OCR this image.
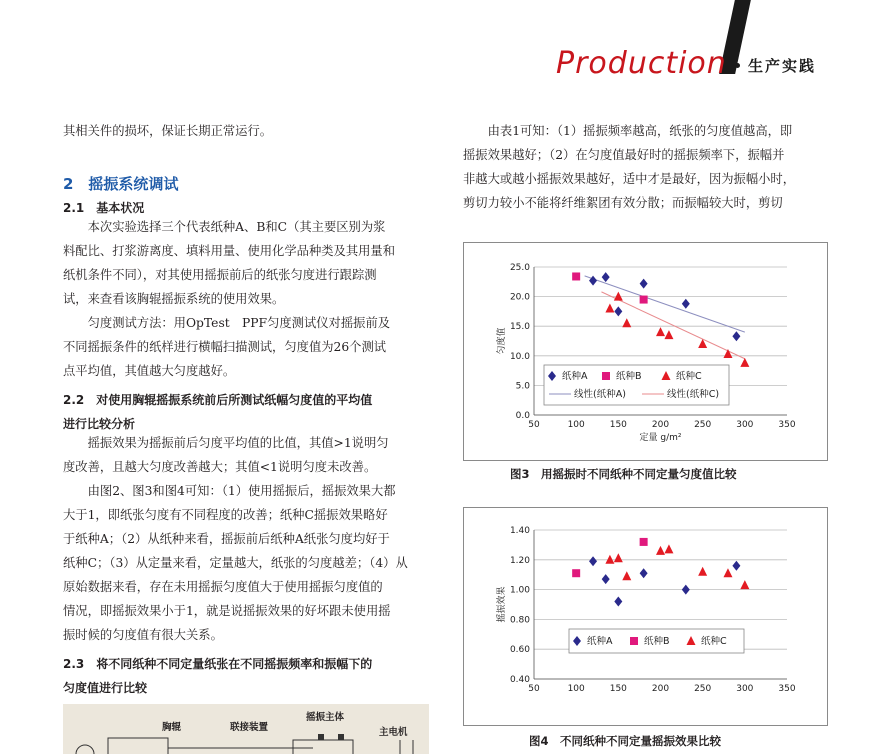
Production 生产实践
其相关件的损坏，保证长期正常运行。
2　摇振系统调试
2.1　基本状况
　　本次实验选择三个代表纸种A、B和C（其主要区别为浆
料配比、打浆游离度、填料用量、使用化学品种类及其用量和
纸机条件不同），对其使用摇振前后的纸张匀度进行跟踪测
试，来查看该胸辊摇振系统的使用效果。
　　匀度测试方法：用OpTest　PPF匀度测试仪对摇振前及
不同摇振条件的纸样进行横幅扫描测试，匀度值为26个测试
点平均值，其值越大匀度越好。
2.2　对使用胸辊摇振系统前后所测试纸幅匀度值的平均值
进行比较分析
　　摇振效果为摇振前后匀度平均值的比值，其值>1说明匀
度改善，且越大匀度改善越大；其值<1说明匀度未改善。
　　由图2、图3和图4可知：（1）使用摇振后，摇振效果大都
大于1，即纸张匀度有不同程度的改善；纸种C摇振效果略好
于纸种A；（2）从纸种来看，摇振前后纸种A纸张匀度均好于
纸种C；（3）从定量来看，定量越大，纸张的匀度越差；（4）从
原始数据来看，存在未用摇振匀度值大于使用摇振匀度值的
情况，即摇振效果小于1，就是说摇振效果的好坏跟未使用摇
振时候的匀度值有很大关系。
2.3　将不同纸种不同定量纸张在不同摇振频率和振幅下的
匀度值进行比较
胸辊	联接装置
摇振主体
主电机
　　由表1可知：（1）摇振频率越高，纸张的匀度值越高，即
摇振效果越好；（2）在匀度值最好时的摇振频率下，振幅并
非越大或越小摇振效果越好，适中才是最好，因为振幅小时，
剪切力较小不能将纤维絮团有效分散；而振幅较大时，剪切
0.0
5.0
10.0
15.0
20.0
25.0
50	100	150	200	250	300	350
匀度值
定量 g/m²
纸种A	纸种B	纸种C
线性(纸种A)	线性(纸种C)
图3　用摇振时不同纸种不同定量匀度值比较
0.40
0.60
0.80
1.00
1.20
1.40
50	100	150	200	250	300	350
摇振效果
纸种A	纸种B	纸种C
图4　不同纸种不同定量摇振效果比较
